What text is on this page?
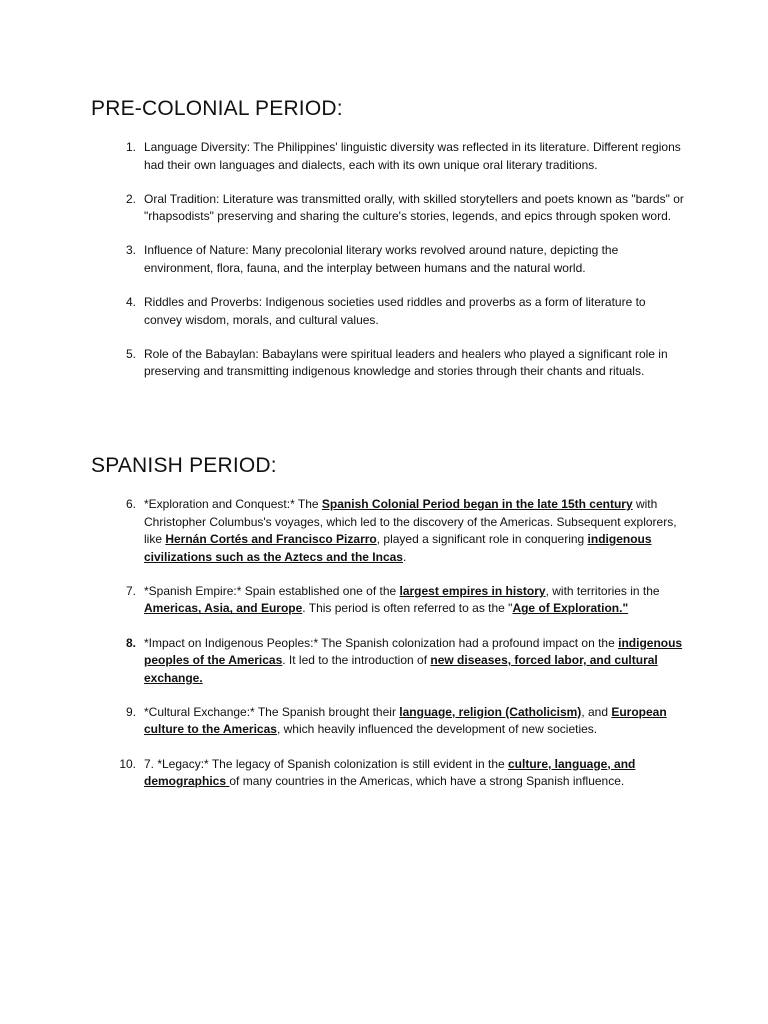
PRE-COLONIAL PERIOD:
1. Language Diversity: The Philippines' linguistic diversity was reflected in its literature. Different regions had their own languages and dialects, each with its own unique oral literary traditions.
2. Oral Tradition: Literature was transmitted orally, with skilled storytellers and poets known as "bards" or "rhapsodists" preserving and sharing the culture's stories, legends, and epics through spoken word.
3. Influence of Nature: Many precolonial literary works revolved around nature, depicting the environment, flora, fauna, and the interplay between humans and the natural world.
4. Riddles and Proverbs: Indigenous societies used riddles and proverbs as a form of literature to convey wisdom, morals, and cultural values.
5. Role of the Babaylan: Babaylans were spiritual leaders and healers who played a significant role in preserving and transmitting indigenous knowledge and stories through their chants and rituals.
SPANISH PERIOD:
6. *Exploration and Conquest:* The Spanish Colonial Period began in the late 15th century with Christopher Columbus's voyages, which led to the discovery of the Americas. Subsequent explorers, like Hernán Cortés and Francisco Pizarro, played a significant role in conquering indigenous civilizations such as the Aztecs and the Incas.
7. *Spanish Empire:* Spain established one of the largest empires in history, with territories in the Americas, Asia, and Europe. This period is often referred to as the "Age of Exploration."
8. *Impact on Indigenous Peoples:* The Spanish colonization had a profound impact on the indigenous peoples of the Americas. It led to the introduction of new diseases, forced labor, and cultural exchange.
9. *Cultural Exchange:* The Spanish brought their language, religion (Catholicism), and European culture to the Americas, which heavily influenced the development of new societies.
10. 7. *Legacy:* The legacy of Spanish colonization is still evident in the culture, language, and demographics of many countries in the Americas, which have a strong Spanish influence.
